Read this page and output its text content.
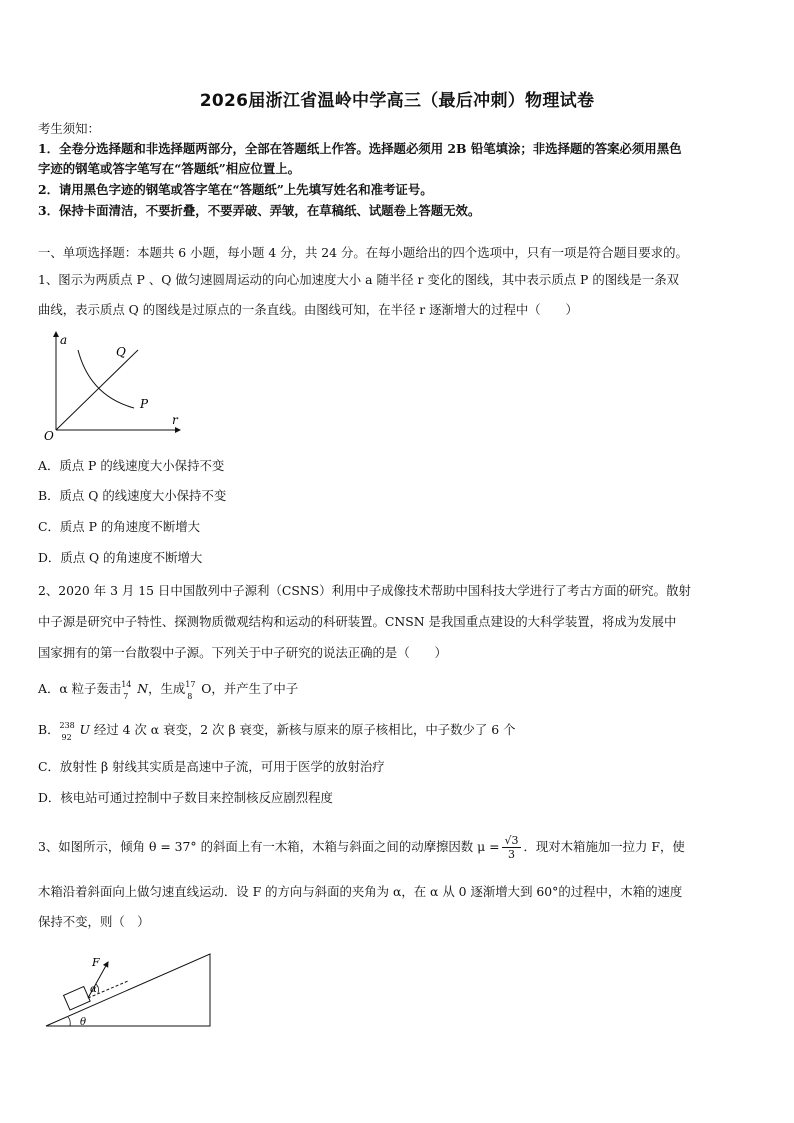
2026届浙江省温岭中学高三（最后冲刺）物理试卷
考生须知：
1．全卷分选择题和非选择题两部分，全部在答题纸上作答。选择题必须用 2B 铅笔填涂；非选择题的答案必须用黑色
字迹的钢笔或答字笔写在“答题纸”相应位置上。
2．请用黑色字迹的钢笔或答字笔在“答题纸”上先填写姓名和准考证号。
3．保持卡面清洁，不要折叠，不要弄破、弄皱，在草稿纸、试题卷上答题无效。
一、单项选择题：本题共 6 小题，每小题 4 分，共 24 分。在每小题给出的四个选项中，只有一项是符合题目要求的。
1、图示为两质点 P 、Q 做匀速圆周运动的向心加速度大小 a 随半径 r 变化的图线，其中表示质点 P 的图线是一条双
曲线，表示质点 Q 的图线是过原点的一条直线。由图线可知，在半径 r 逐渐增大的过程中（　　）
a
r
O
Q
P
A．质点 P 的线速度大小保持不变
B．质点 Q 的线速度大小保持不变
C．质点 P 的角速度不断增大
D．质点 Q 的角速度不断增大
2、2020 年 3 月 15 日中国散列中子源利（CSNS）利用中子成像技术帮助中国科技大学进行了考古方面的研究。散射
中子源是研究中子特性、探测物质微观结构和运动的科研装置。CNSN 是我国重点建设的大科学装置，将成为发展中
国家拥有的第一台散裂中子源。下列关于中子研究的说法正确的是（　　）
A．α 粒子轰击 14
7 N，生成 17
8 O，并产生了中子
B． 238
92 U 经过 4 次 α 衰变，2 次 β 衰变，新核与原来的原子核相比，中子数少了 6 个
C．放射性 β 射线其实质是高速中子流，可用于医学的放射治疗
D．核电站可通过控制中子数目来控制核反应剧烈程度
3、如图所示，倾角 θ = 37° 的斜面上有一木箱，木箱与斜面之间的动摩擦因数 $\mu = \frac{√3}{3}$ ．现对木箱施加一拉力 F，使
木箱沿着斜面向上做匀速直线运动．设 F 的方向与斜面的夹角为 α，在 α 从 0 逐渐增大到 60°的过程中，木箱的速度
保持不变，则（　）
F
α
θ
